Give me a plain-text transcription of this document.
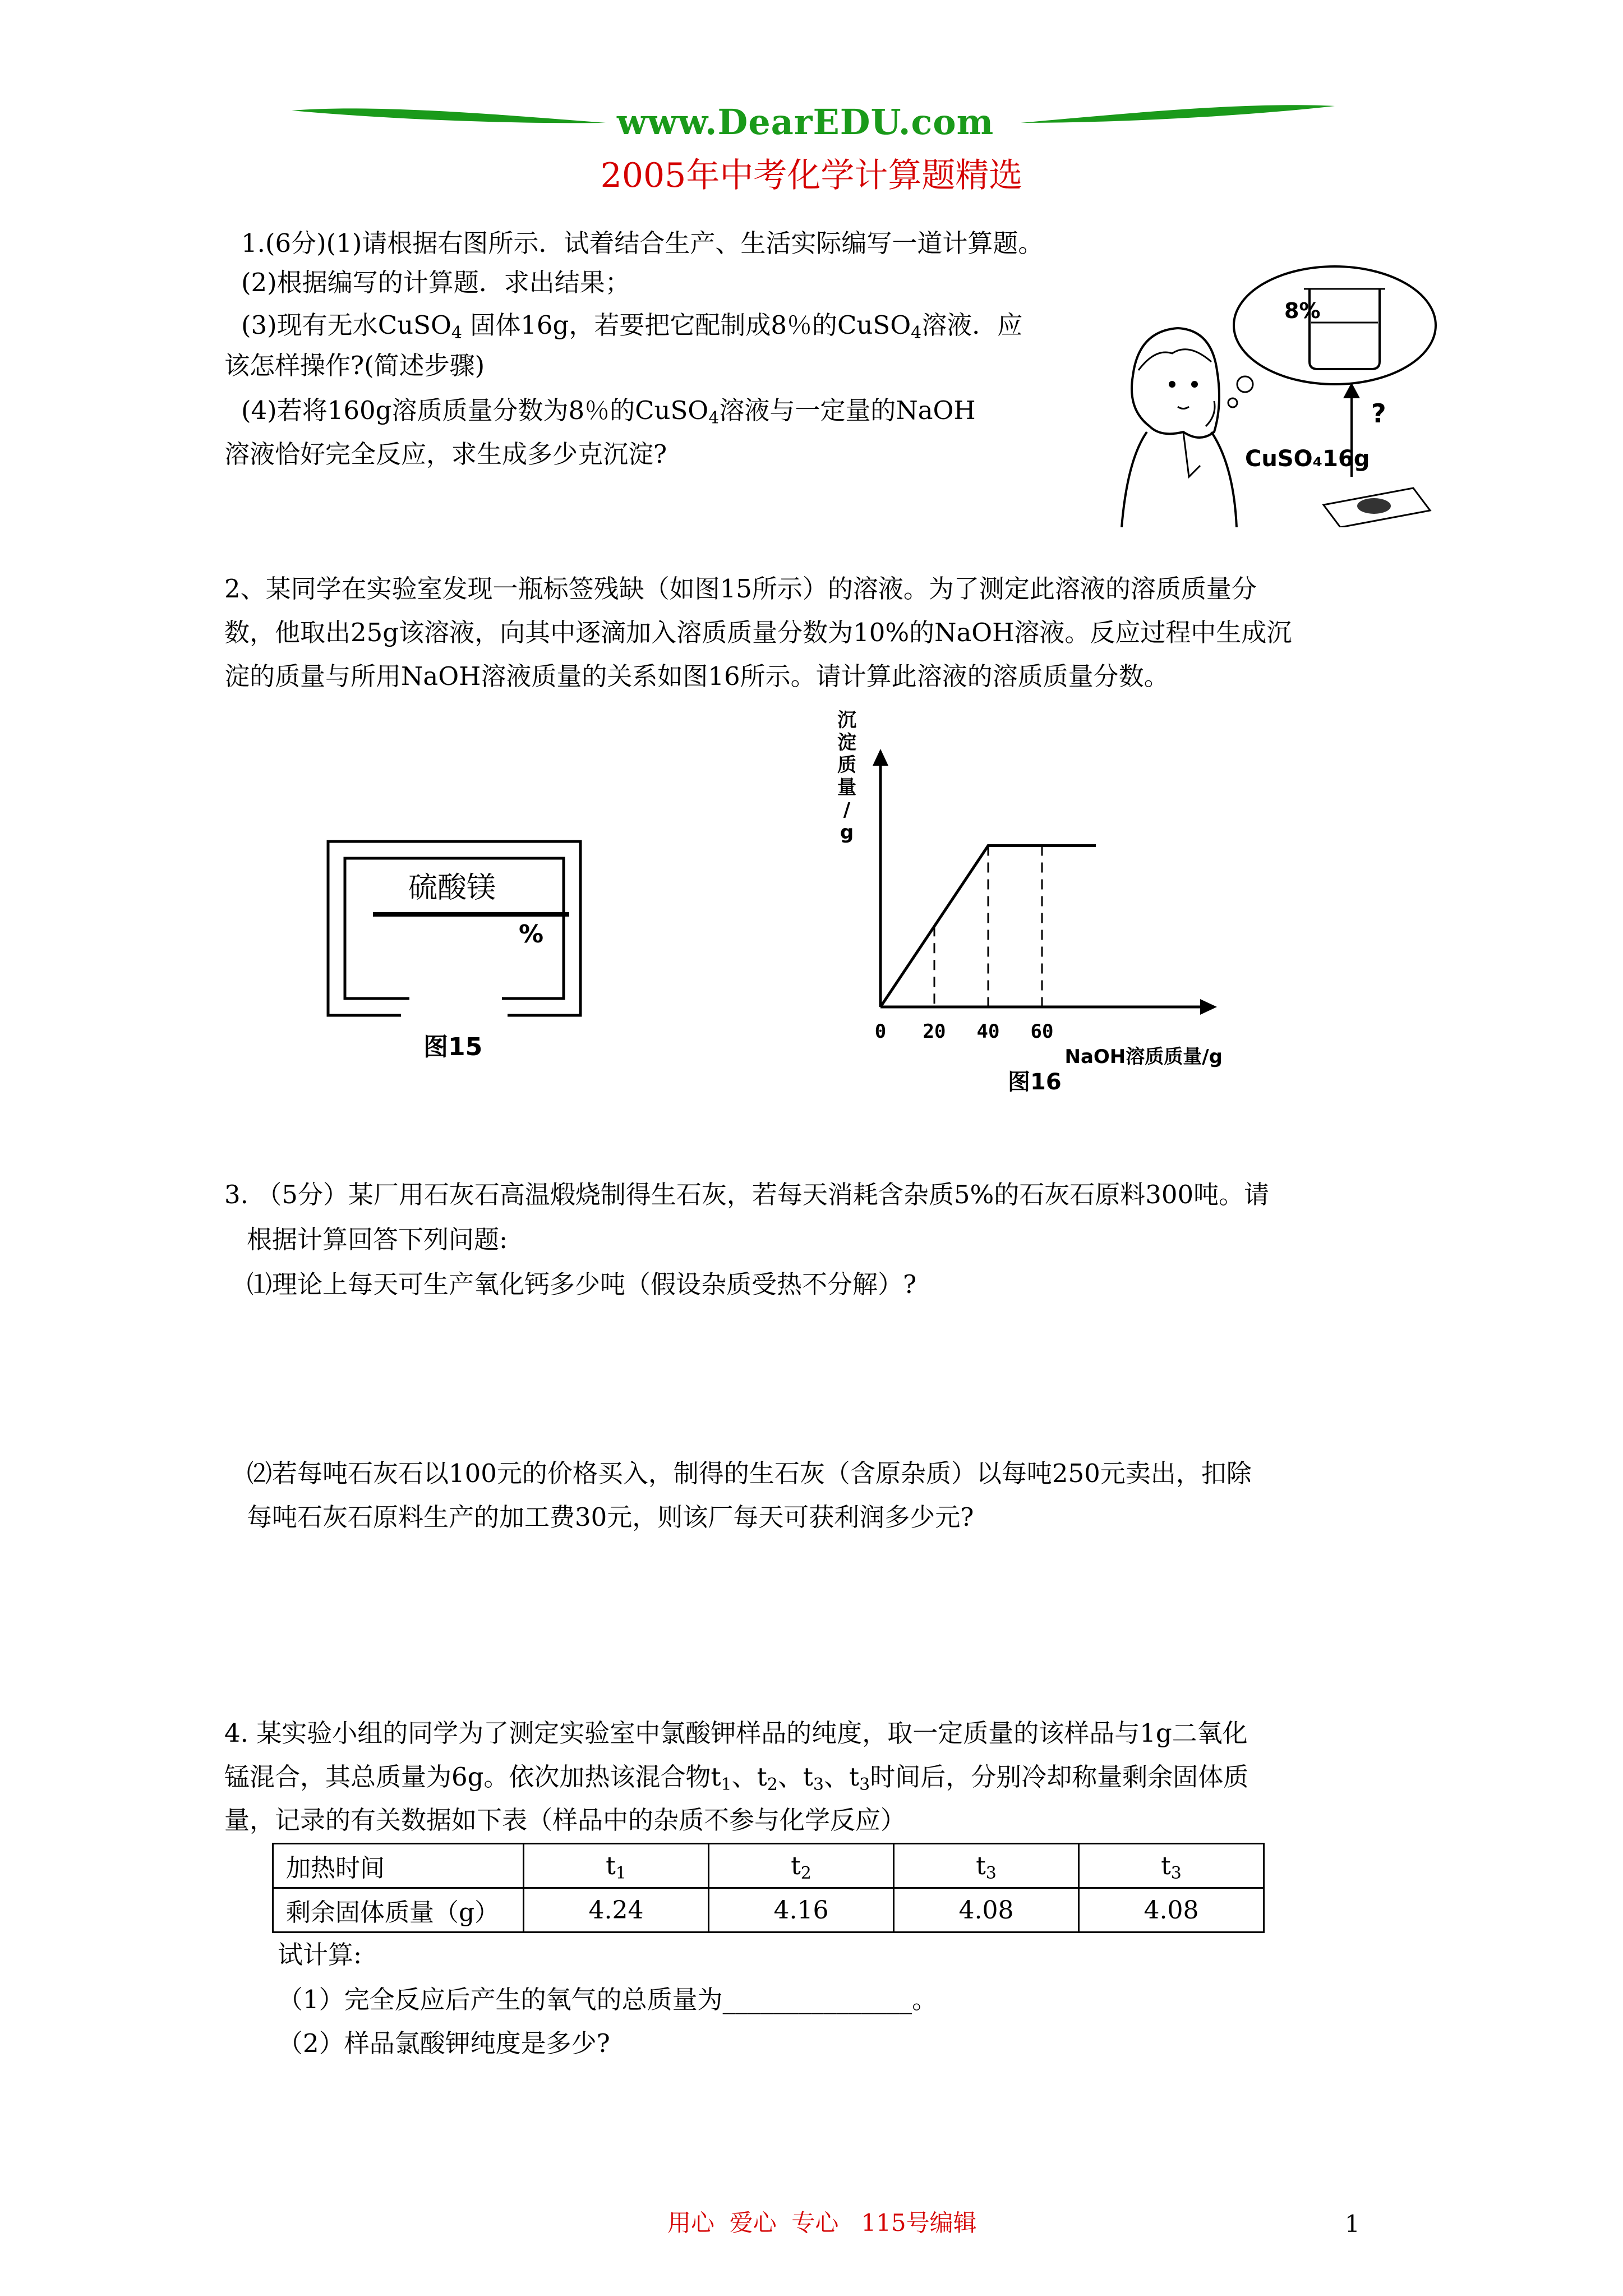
www.DearEDU.com
2005年中考化学计算题精选
1.(6分)(1)请根据右图所示．试着结合生产、生活实际编写一道计算题。
(2)根据编写的计算题．求出结果；
(3)现有无水CuSO$_4$ 固体16g，若要把它配制成8％的CuSO$_4$溶液．应
该怎样操作?(简述步骤)
(4)若将160g溶质质量分数为8％的CuSO$_4$溶液与一定量的NaOH
溶液恰好完全反应，求生成多少克沉淀?
8%
?
CuSO₄16g
2、某同学在实验室发现一瓶标签残缺（如图15所示）的溶液。为了测定此溶液的溶质质量分
数，他取出25g该溶液，向其中逐滴加入溶质质量分数为10%的NaOH溶液。反应过程中生成沉
淀的质量与所用NaOH溶液质量的关系如图16所示。请计算此溶液的溶质质量分数。
硫酸镁
%
图15
0 20 40 60
NaOH溶质质量/g
沉
淀
质
量
/
g
图16
3. （5分）某厂用石灰石高温煅烧制得生石灰，若每天消耗含杂质5%的石灰石原料300吨。请
根据计算回答下列问题:
⑴理论上每天可生产氧化钙多少吨（假设杂质受热不分解）?
⑵若每吨石灰石以100元的价格买入，制得的生石灰（含原杂质）以每吨250元卖出，扣除
每吨石灰石原料生产的加工费30元，则该厂每天可获利润多少元?
4. 某实验小组的同学为了测定实验室中氯酸钾样品的纯度，取一定质量的该样品与1g二氧化
锰混合，其总质量为6g。依次加热该混合物$t_1$、$t_2$、$t_3$、$t_3$时间后，分别冷却称量剩余固体质
量，记录的有关数据如下表（样品中的杂质不参与化学反应）
加热时间	$t_1$	$t_2$	$t_3$	$t_3$
剩余固体质量（g）	4.24	4.16	4.08	4.08
试计算:
（1）完全反应后产生的氧气的总质量为_______________。
（2）样品氯酸钾纯度是多少?
用心  爱心  专心   115号编辑	1
